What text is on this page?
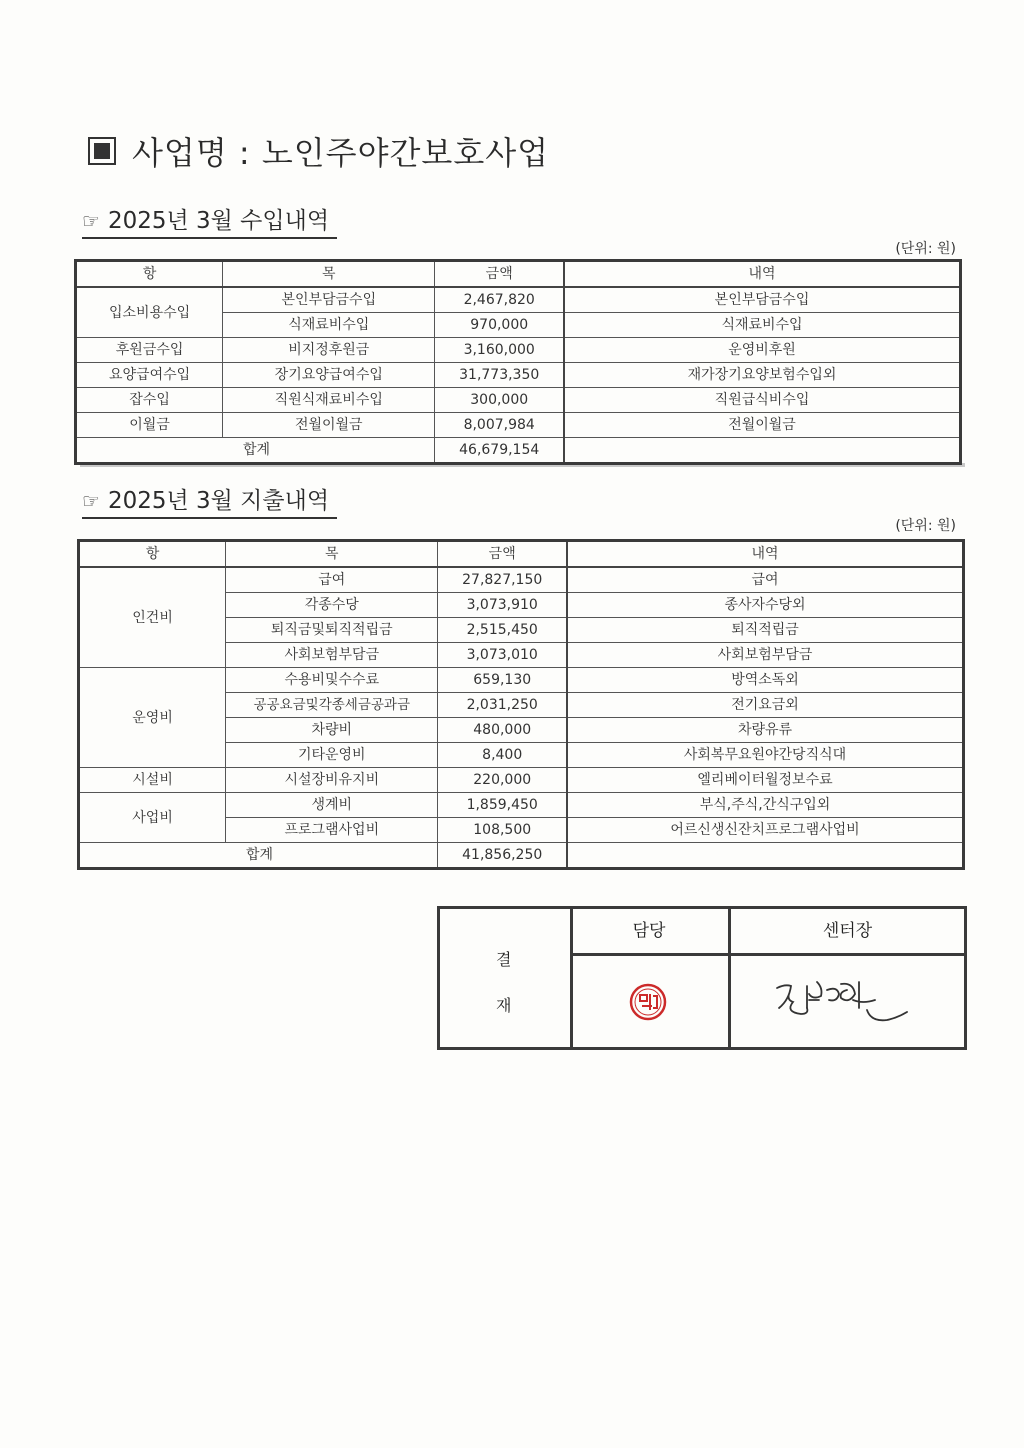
사업명 : 노인주야간보호사업
☞ 2025년 3월 수입내역
(단위: 원)
항	목	금액	내역
입소비용수입	본인부담금수입	2,467,820	본인부담금수입
	식재료비수입	970,000	식재료비수입
후원금수입	비지정후원금	3,160,000	운영비후원
요양급여수입	장기요양급여수입	31,773,350	재가장기요양보험수입외
잡수입	직원식재료비수입	300,000	직원급식비수입
이월금	전월이월금	8,007,984	전월이월금
합계		46,679,154	
☞ 2025년 3월 지출내역
(단위: 원)
항	목	금액	내역
인건비	급여	27,827,150	급여
	각종수당	3,073,910	종사자수당외
	퇴직금및퇴직적립금	2,515,450	퇴직적립금
	사회보험부담금	3,073,010	사회보험부담금
운영비	수용비및수수료	659,130	방역소독외
	공공요금및각종세금공과금	2,031,250	전기요금외
	차량비	480,000	차량유류
	기타운영비	8,400	사회복무요원야간당직식대
시설비	시설장비유지비	220,000	엘리베이터월정보수료
사업비	생계비	1,859,450	부식,주식,간식구입외
	프로그램사업비	108,500	어르신생신잔치프로그램사업비
합계		41,856,250	
결
재
담당	센터장
